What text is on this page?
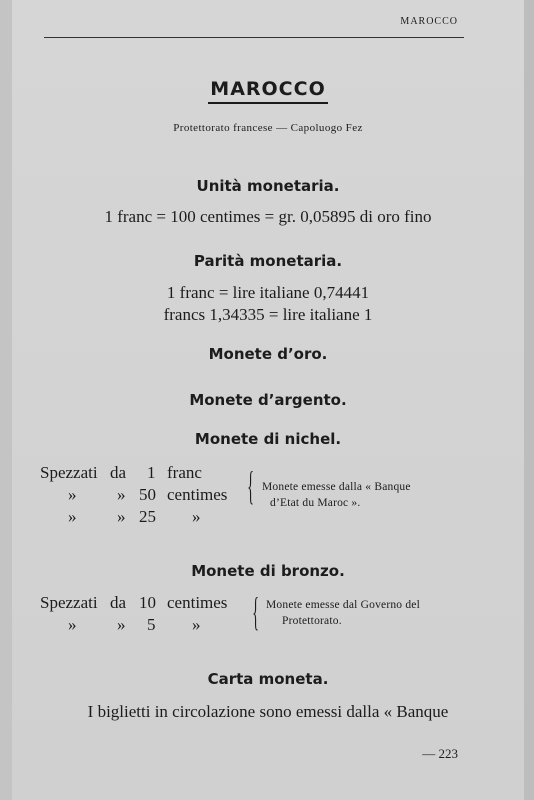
MAROCCO
MAROCCO
Protettorato francese — Capoluogo Fez
Unità monetaria.
1 franc = 100 centimes = gr. 0,05895 di oro fino
Parità monetaria.
1 franc = lire italiane 0,74441
francs 1,34335 = lire italiane 1
Monete d’oro.
Monete d’argento.
Monete di nichel.
Spezzati da 1 franc
» » 50 centimes
» » 25 »
{ Monete emesse dalla « Banque
d’Etat du Maroc ».
Monete di bronzo.
Spezzati da 10 centimes
» » 5 » { Monete emesse dal Governo del
Protettorato.
Carta moneta.
I biglietti in circolazione sono emessi dalla « Banque
— 223
